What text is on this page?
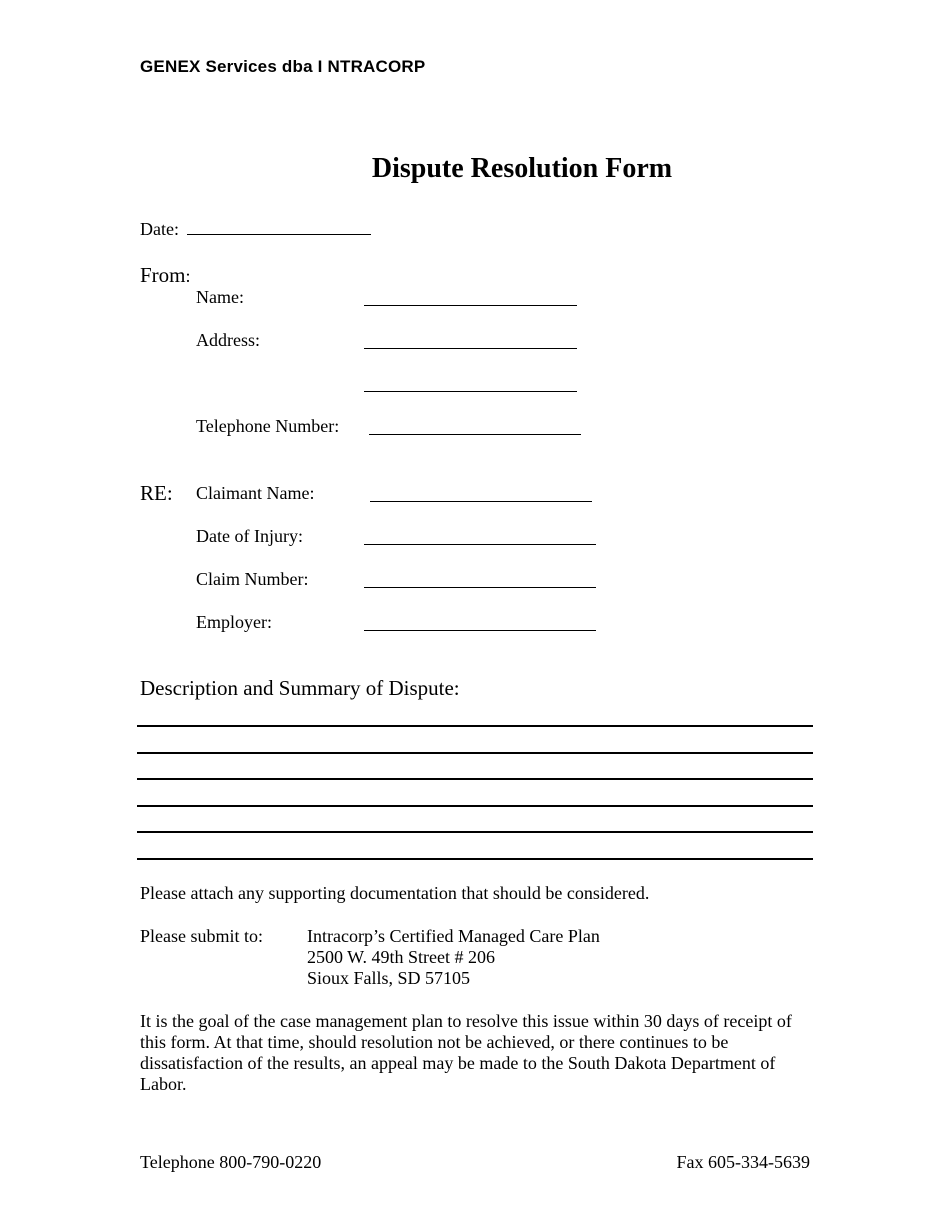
GENEX Services dba I NTRACORP
Dispute Resolution Form
Date:
From:
Name:
Address:
Telephone Number:
RE: Claimant Name:
Date of Injury:
Claim Number:
Employer:
Description and Summary of Dispute:
Please attach any supporting documentation that should be considered.
Please submit to: Intracorp’s Certified Managed Care Plan
2500 W. 49th Street # 206
Sioux Falls, SD 57105
It is the goal of the case management plan to resolve this issue within 30 days of receipt of this form. At that time, should resolution not be achieved, or there continues to be dissatisfaction of the results, an appeal may be made to the South Dakota Department of Labor.
Telephone 800-790-0220	Fax 605-334-5639
